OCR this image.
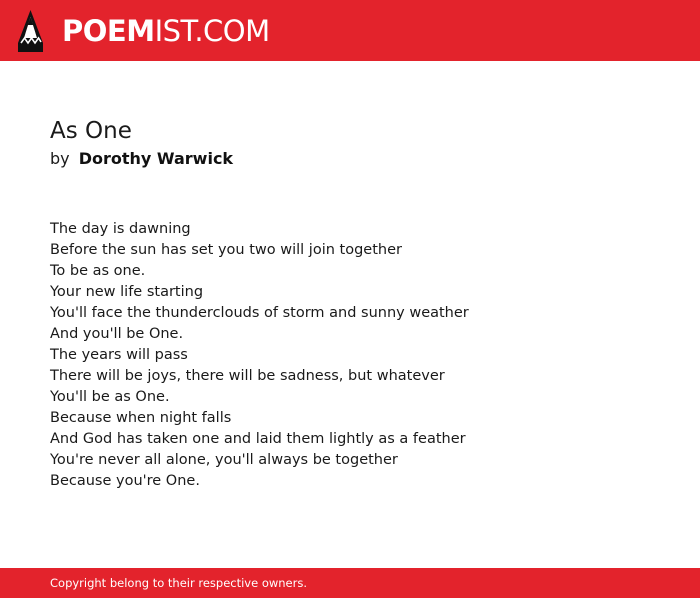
POEMIST.COM
As One
by Dorothy Warwick
The day is dawning
Before the sun has set you two will join together
To be as one.
Your new life starting
You'll face the thunderclouds of storm and sunny weather
And you'll be One.
The years will pass
There will be joys, there will be sadness, but whatever
You'll be as One.
Because when night falls
And God has taken one and laid them lightly as a feather
You're never all alone, you'll always be together
Because you're One.
Copyright belong to their respective owners.
